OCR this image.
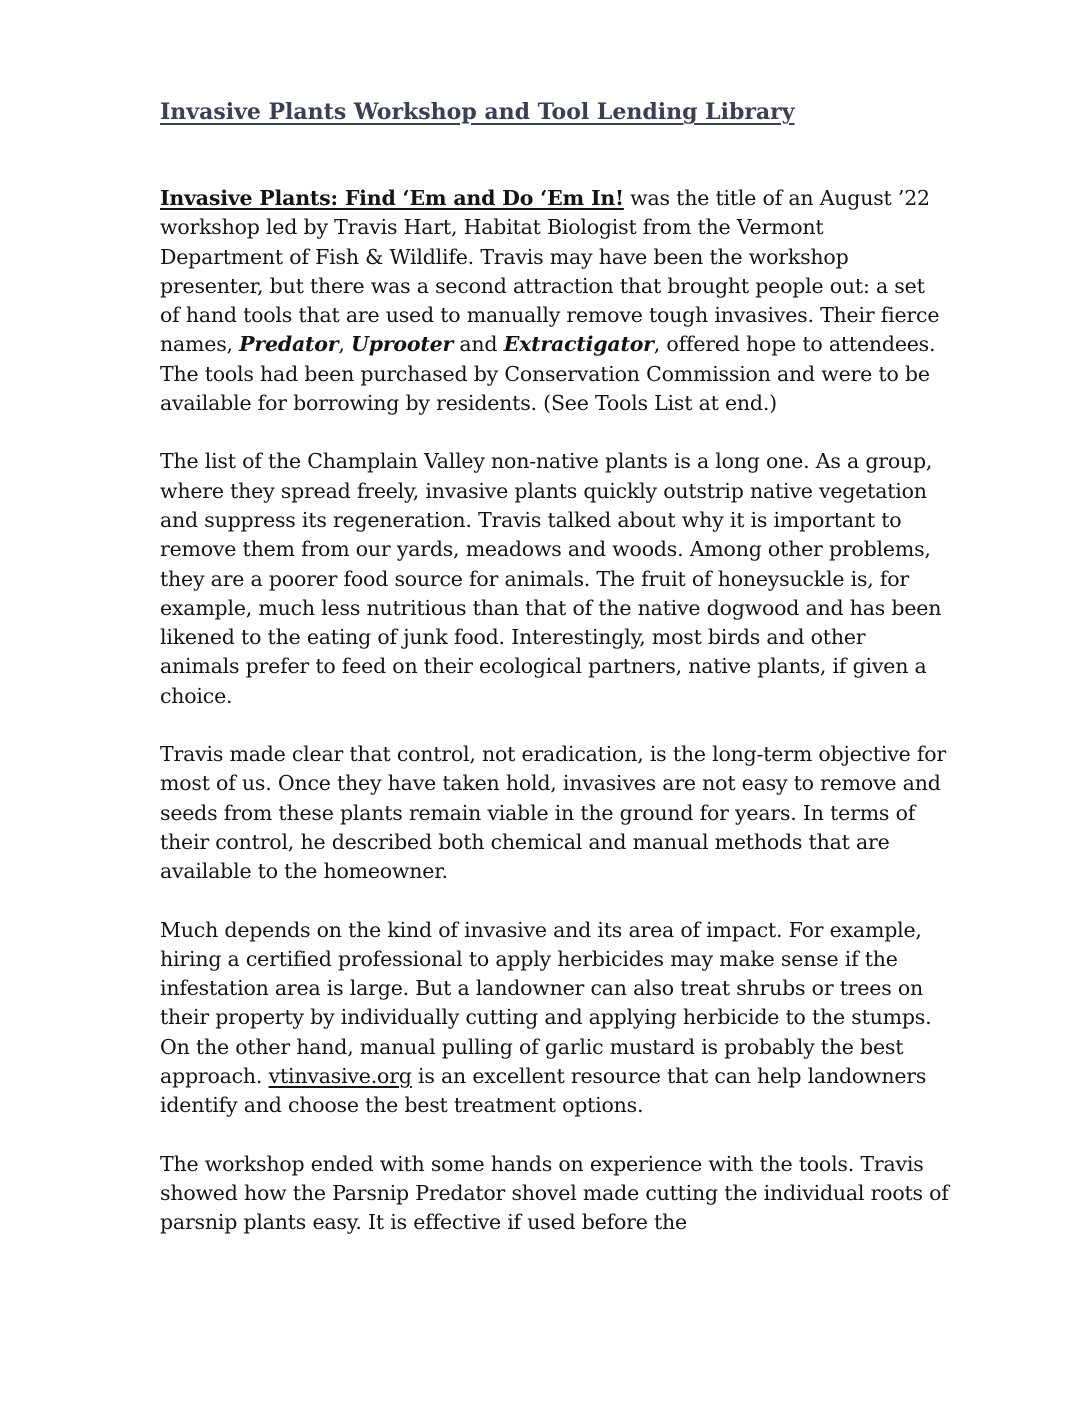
Invasive Plants Workshop and Tool Lending Library

Invasive Plants: Find ‘Em and Do ‘Em In! was the title of an August ’22 workshop led by Travis Hart, Habitat Biologist from the Vermont Department of Fish & Wildlife. Travis may have been the workshop presenter, but there was a second attraction that brought people out: a set of hand tools that are used to manually remove tough invasives. Their fierce names, Predator, Uprooter and Extractigator, offered hope to attendees. The tools had been purchased by Conservation Commission and were to be available for borrowing by residents. (See Tools List at end.)

The list of the Champlain Valley non-native plants is a long one. As a group, where they spread freely, invasive plants quickly outstrip native vegetation and suppress its regeneration. Travis talked about why it is important to remove them from our yards, meadows and woods. Among other problems, they are a poorer food source for animals. The fruit of honeysuckle is, for example, much less nutritious than that of the native dogwood and has been likened to the eating of junk food. Interestingly, most birds and other animals prefer to feed on their ecological partners, native plants, if given a choice.

Travis made clear that control, not eradication, is the long-term objective for most of us. Once they have taken hold, invasives are not easy to remove and seeds from these plants remain viable in the ground for years. In terms of their control, he described both chemical and manual methods that are available to the homeowner.

Much depends on the kind of invasive and its area of impact. For example, hiring a certified professional to apply herbicides may make sense if the infestation area is large. But a landowner can also treat shrubs or trees on their property by individually cutting and applying herbicide to the stumps. On the other hand, manual pulling of garlic mustard is probably the best approach. vtinvasive.org is an excellent resource that can help landowners identify and choose the best treatment options.

The workshop ended with some hands on experience with the tools. Travis showed how the Parsnip Predator shovel made cutting the individual roots of parsnip plants easy. It is effective if used before the
